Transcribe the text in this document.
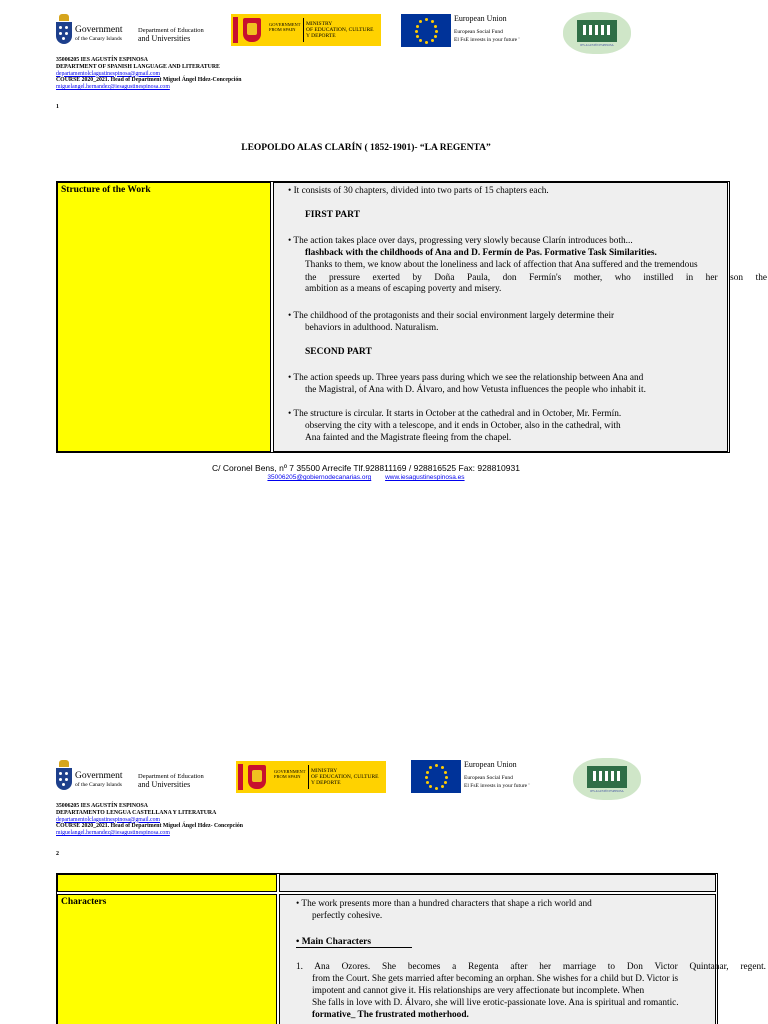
Government
of the Canary Islands
Department of Education
and Universities
GOVERNMENT
FROM SPAIN
MINISTRY
OF EDUCATION, CULTURE
Y DEPORTE
European Union
European Social Fund
El FsE invests in your future '
IES AGUSTÍN ESPINOSA
35006205 IES AGUSTÍN ESPINOSA
DEPARTMENT OF SPANISH LANGUAGE AND LITERATURE
departamentolclagustinespinosa@gmail.com
COURSE 2020_2021. Head of Department Miguel Ángel Hdez-Concepción
miguelangel.hernandez@iesagustinespinosa.com
1
LEOPOLDO ALAS CLARÍN ( 1852-1901)- “LA REGENTA”
Structure of the Work	• It consists of 30 chapters, divided into two parts of 15 chapters each.
FIRST PART
• The action takes place over days, progressing very slowly because Clarín introduces both...
flashback with the childhoods of Ana and D. Fermín de Pas. Formative Task Similarities.
Thanks to them, we know about the loneliness and lack of affection that Ana suffered and the tremendous
the pressure exerted by Doña Paula, don Fermín's mother, who instilled in her son the
ambition as a means of escaping poverty and misery.
• The childhood of the protagonists and their social environment largely determine their
behaviors in adulthood. Naturalism.
SECOND PART
• The action speeds up. Three years pass during which we see the relationship between Ana and
the Magistral, of Ana with D. Álvaro, and how Vetusta influences the people who inhabit it.
• The structure is circular. It starts in October at the cathedral and in October, Mr. Fermín.
observing the city with a telescope, and it ends in October, also in the cathedral, with
Ana fainted and the Magistrate fleeing from the chapel.
C/ Coronel Bens, nº 7 35500 Arrecife Tlf.928811169 / 928816525 Fax: 928810931
35006205@gobiernodecanarias.org www.iesagustinespinosa.es
Government
of the Canary Islands
Department of Education
and Universities
GOVERNMENT
FROM SPAIN
MINISTRY
OF EDUCATION, CULTURE
Y DEPORTE
European Union
European Social Fund
El FsE invests in your future '
IES AGUSTÍN ESPINOSA
35006205 IES AGUSTÍN ESPINOSA
DEPARTAMENTO LENGUA CASTELLANA Y LITERATURA
departamentolclagustinespinosa@gmail.com
COURSE 2020_2021. Head of Department Miguel Ángel Hdez- Concepción
miguelangel.hernandez@iesagustinespinosa.com
2
Characters	• The work presents more than a hundred characters that shape a rich world and
perfectly cohesive.
• Main Characters
1. Ana Ozores. She becomes a Regenta after her marriage to Don Victor Quintanar, regent.
from the Court. She gets married after becoming an orphan. She wishes for a child but D. Victor is
impotent and cannot give it. His relationships are very affectionate but incomplete. When
She falls in love with D. Álvaro, she will live erotic-passionate love. Ana is spiritual and romantic.
formative_ The frustrated motherhood.
